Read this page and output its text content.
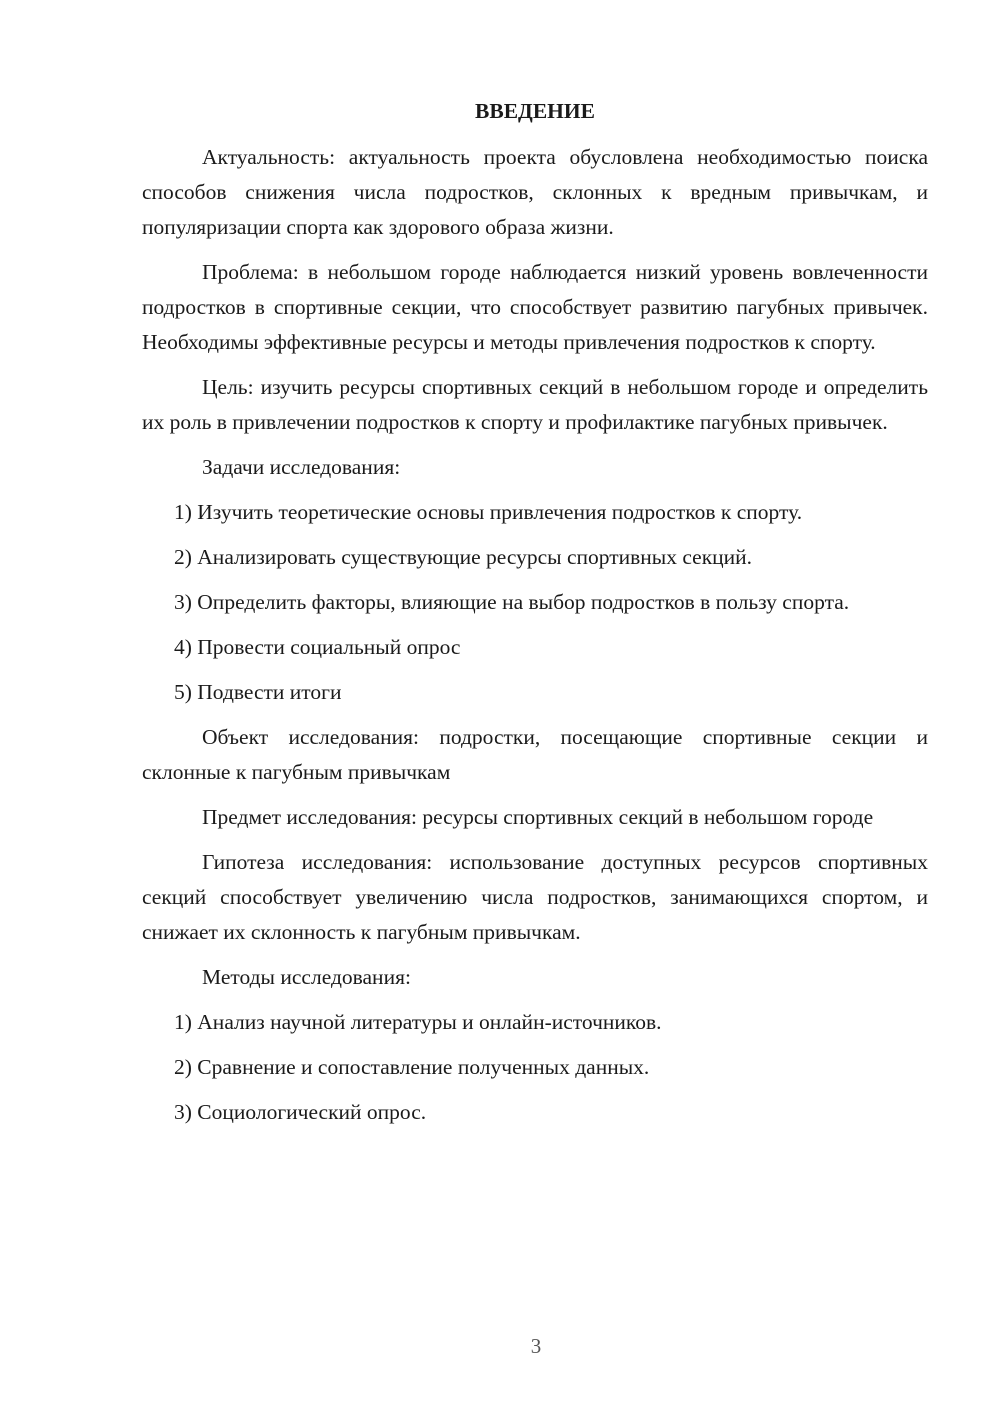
ВВЕДЕНИЕ

Актуальность: актуальность проекта обусловлена необходимостью поиска способов снижения числа подростков, склонных к вредным привычкам, и популяризации спорта как здорового образа жизни.

Проблема: в небольшом городе наблюдается низкий уровень вовлеченности подростков в спортивные секции, что способствует развитию пагубных привычек. Необходимы эффективные ресурсы и методы привлечения подростков к спорту.

Цель: изучить ресурсы спортивных секций в небольшом городе и определить их роль в привлечении подростков к спорту и профилактике пагубных привычек.

Задачи исследования:

1) Изучить теоретические основы привлечения подростков к спорту.

2) Анализировать существующие ресурсы спортивных секций.

3) Определить факторы, влияющие на выбор подростков в пользу спорта.

4) Провести социальный опрос

5) Подвести итоги

Объект исследования: подростки, посещающие спортивные секции и склонные к пагубным привычкам

Предмет исследования: ресурсы спортивных секций в небольшом городе

Гипотеза исследования: использование доступных ресурсов спортивных секций способствует увеличению числа подростков, занимающихся спортом, и снижает их склонность к пагубным привычкам.

Методы исследования:

1) Анализ научной литературы и онлайн-источников.

2) Сравнение и сопоставление полученных данных.

3) Социологический опрос.

3
